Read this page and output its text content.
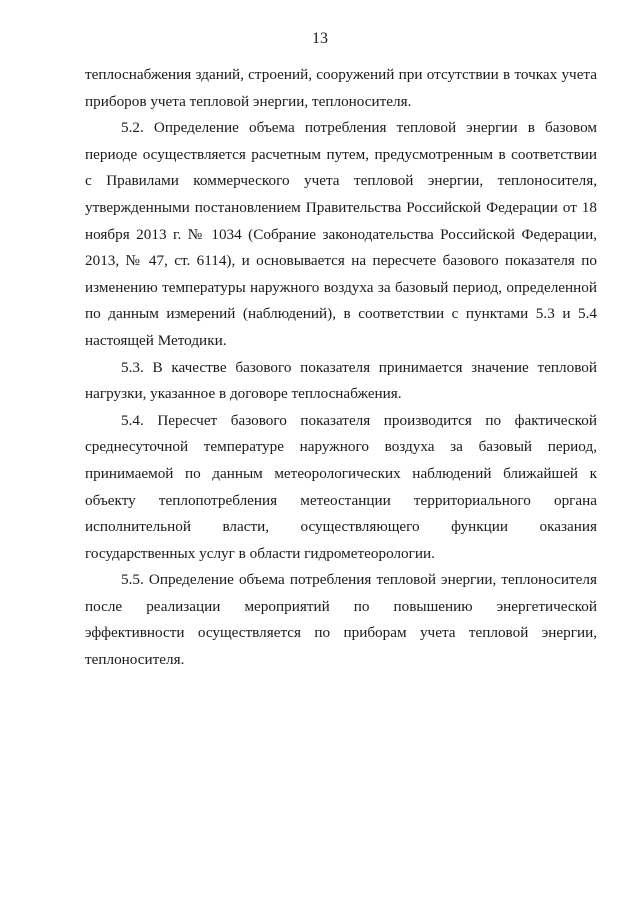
13

теплоснабжения зданий, строений, сооружений при отсутствии в точках учета приборов учета тепловой энергии, теплоносителя.

5.2. Определение объема потребления тепловой энергии в базовом периоде осуществляется расчетным путем, предусмотренным в соответствии с Правилами коммерческого учета тепловой энергии, теплоносителя, утвержденными постановлением Правительства Российской Федерации от 18 ноября 2013 г. № 1034 (Собрание законодательства Российской Федерации, 2013, № 47, ст. 6114), и основывается на пересчете базового показателя по изменению температуры наружного воздуха за базовый период, определенной по данным измерений (наблюдений), в соответствии с пунктами 5.3 и 5.4 настоящей Методики.

5.3. В качестве базового показателя принимается значение тепловой нагрузки, указанное в договоре теплоснабжения.

5.4. Пересчет базового показателя производится по фактической среднесуточной температуре наружного воздуха за базовый период, принимаемой по данным метеорологических наблюдений ближайшей к объекту теплопотребления метеостанции территориального органа исполнительной власти, осуществляющего функции оказания государственных услуг в области гидрометеорологии.

5.5. Определение объема потребления тепловой энергии, теплоносителя после реализации мероприятий по повышению энергетической эффективности осуществляется по приборам учета тепловой энергии, теплоносителя.
